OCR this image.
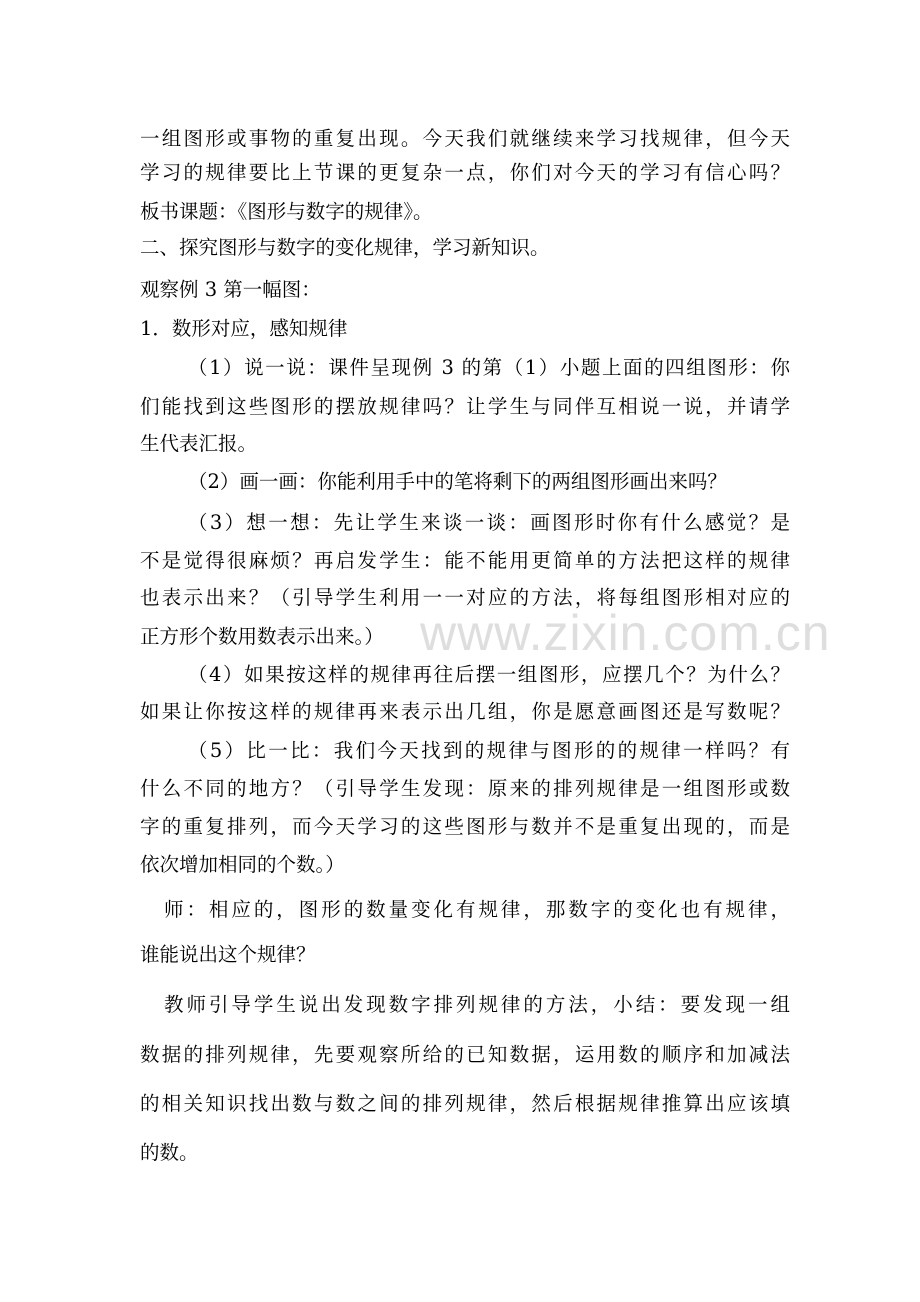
一组图形或事物的重复出现。今天我们就继续来学习找规律，但今天
学习的规律要比上节课的更复杂一点，你们对今天的学习有信心吗？
板书课题：《图形与数字的规律》。
二、探究图形与数字的变化规律，学习新知识。
观察例 3 第一幅图：
1．数形对应，感知规律
（1）说一说：课件呈现例 3 的第（1）小题上面的四组图形：你
们能找到这些图形的摆放规律吗？让学生与同伴互相说一说，并请学
生代表汇报。
（2）画一画：你能利用手中的笔将剩下的两组图形画出来吗？
（3）想一想：先让学生来谈一谈：画图形时你有什么感觉？是
不是觉得很麻烦？再启发学生：能不能用更简单的方法把这样的规律
也表示出来？（引导学生利用一一对应的方法，将每组图形相对应的
正方形个数用数表示出来。） www.zixin.com.cn
（4）如果按这样的规律再往后摆一组图形，应摆几个？为什么？
如果让你按这样的规律再来表示出几组，你是愿意画图还是写数呢？
（5）比一比：我们今天找到的规律与图形的的规律一样吗？有
什么不同的地方？（引导学生发现：原来的排列规律是一组图形或数
字的重复排列，而今天学习的这些图形与数并不是重复出现的，而是
依次增加相同的个数。）
师：相应的，图形的数量变化有规律，那数字的变化也有规律，
谁能说出这个规律？
教师引导学生说出发现数字排列规律的方法，小结：要发现一组
数据的排列规律，先要观察所给的已知数据，运用数的顺序和加减法
的相关知识找出数与数之间的排列规律，然后根据规律推算出应该填
的数。
